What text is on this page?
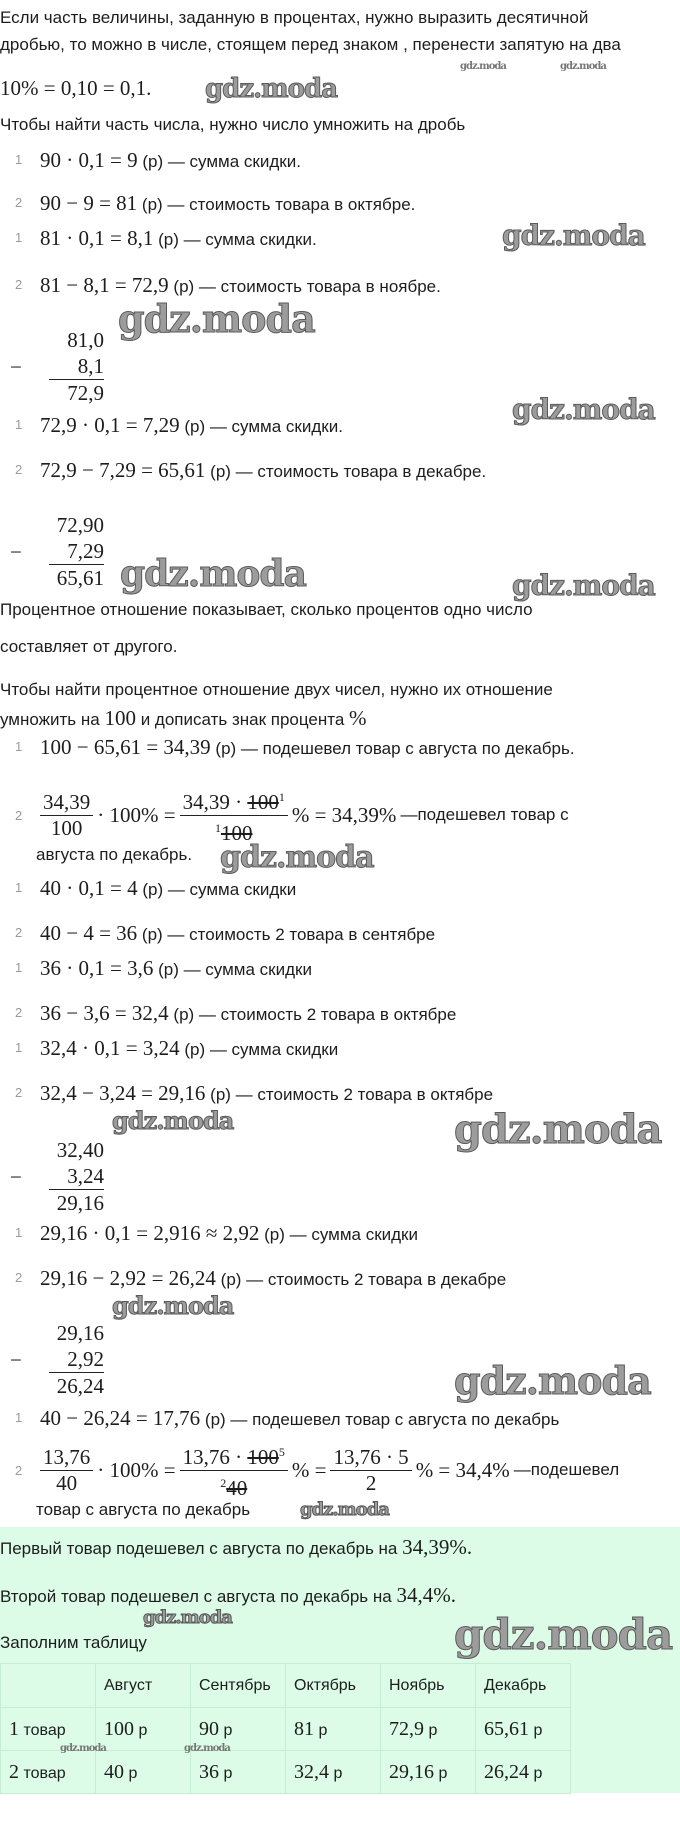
Если часть величины, заданную в процентах, нужно выразить десятичной
дробью, то можно в числе, стоящем перед знаком , перенести запятую на два
10% = 0,10 = 0,1.
Чтобы найти часть числа, нужно число умножить на дробь
1 90 · 0,1 = 9 (р) — сумма скидки.
2 90 − 9 = 81 (р) — стоимость товара в октябре.
1 81 · 0,1 = 8,1 (р) — сумма скидки.
2 81 − 8,1 = 72,9 (р) — стоимость товара в ноябре.
1 72,9 · 0,1 = 7,29 (р) — сумма скидки.
2 72,9 − 7,29 = 65,61 (р) — стоимость товара в декабре.
1 100 − 65,61 = 34,39 (р) — подешевел товар с августа по декабрь.
1 40 · 0,1 = 4 (р) — сумма скидки
2 40 − 4 = 36 (р) — стоимость 2 товара в сентябре
1 36 · 0,1 = 3,6 (р) — сумма скидки
2 36 − 3,6 = 32,4 (р) — стоимость 2 товара в октябре
1 32,4 · 0,1 = 3,24 (р) — сумма скидки
2 32,4 − 3,24 = 29,16 (р) — стоимость 2 товара в октябре
1 29,16 · 0,1 = 2,916 ≈ 2,92 (р) — сумма скидки
2 29,16 − 2,92 = 26,24 (р) — стоимость 2 товара в декабре
1 40 − 26,24 = 17,76 (р) — подешевел товар с августа по декабрь
81,0
8,1
72,9
−
72,90
7,29
65,61
−
32,40
3,24
29,16
−
29,16
2,92
26,24
−
Процентное отношение показывает, сколько процентов одно число
составляет от другого.
Чтобы найти процентное отношение двух чисел, нужно их отношение
умножить на 100 и дописать знак процента %
$2 \frac{34,39}{100} \cdot 100\% = \frac{34,39 \cdot 100^1}{^1100}$ % = 34,39% —подешевел товар с
августа по декабрь.
$2 \frac{13,76}{40} \cdot 100\% = \frac{13,76 \cdot 100^5}{^240}$ % = $\frac{13,76 \cdot 5}{2}$ % = 34,4% —подешевел
товар с августа по декабрь
Первый товар подешевел с августа по декабрь на 34,39%.
Второй товар подешевел с августа по декабрь на 34,4%.
Заполним таблицу
	Август	Сентябрь	Октябрь	Ноябрь	Декабрь
1 товар	100 р	90 р	81 р	72,9 р	65,61 р
2 товар	40 р	36 р	32,4 р	29,16 р	26,24 р
gdz.moda
gdz.moda
gdz.moda
gdz.moda
gdz.moda
gdz.moda
gdz.moda	gdz.moda
gdz.moda
gdz.moda	gdz.moda
gdz.moda
gdz.moda
gdz.moda
gdz.moda	gdz.moda
gdz.moda	gdz.moda
